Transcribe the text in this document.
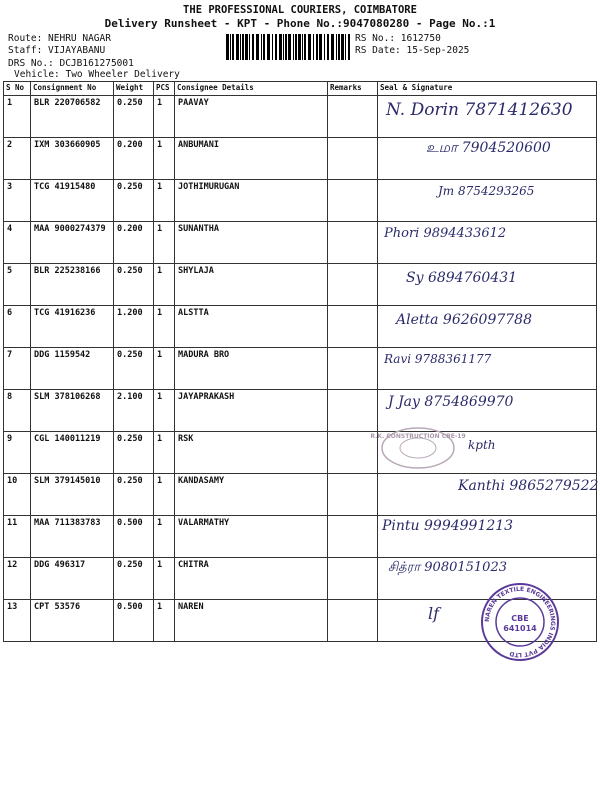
THE PROFESSIONAL COURIERS, COIMBATORE
Delivery Runsheet - KPT - Phone No.:9047080280 - Page No.:1
Route: NEHRU NAGAR
Staff: VIJAYABANU
DRS No.: DCJB161275001
Vehicle: Two Wheeler Delivery
RS No.: 1612750
RS Date: 15-Sep-2025
S No	Consignment No	Weight	PCS	Consignee Details	Remarks	Seal & Signature
1	BLR 220706582	0.250	1	PAAVAY		N. Dorin 7871412630

2	IXM 303660905	0.200	1	ANBUMANI		உமா 7904520600

3	TCG 41915480	0.250	1	JOTHIMURUGAN		Jm 8754293265

4	MAA 9000274379	0.200	1	SUNANTHA		Phori 9894433612

5	BLR 225238166	0.250	1	SHYLAJA		Sy 6894760431

6	TCG 41916236	1.200	1	ALSTTA		Aletta 9626097788

7	DDG 1159542	0.250	1	MADURA BRO		Ravi 9788361177

8	SLM 378106268	2.100	1	JAYAPRAKASH		J Jay 8754869970

9	CGL 140011219	0.250	1	RSK		kpth
R.K. CONSTRUCTION CBE-19

10	SLM 379145010	0.250	1	KANDASAMY		Kanthi 9865279522

11	MAA 711383783	0.500	1	VALARMATHY		Pintu 9994991213

12	DDG 496317	0.250	1	CHITRA		சித்ரா 9080151023

13	CPT 53576	0.500	1	NAREN		lf NAREN TEXTILE ENGINEERINGS INDIA PVT LTD
CBE
641014
